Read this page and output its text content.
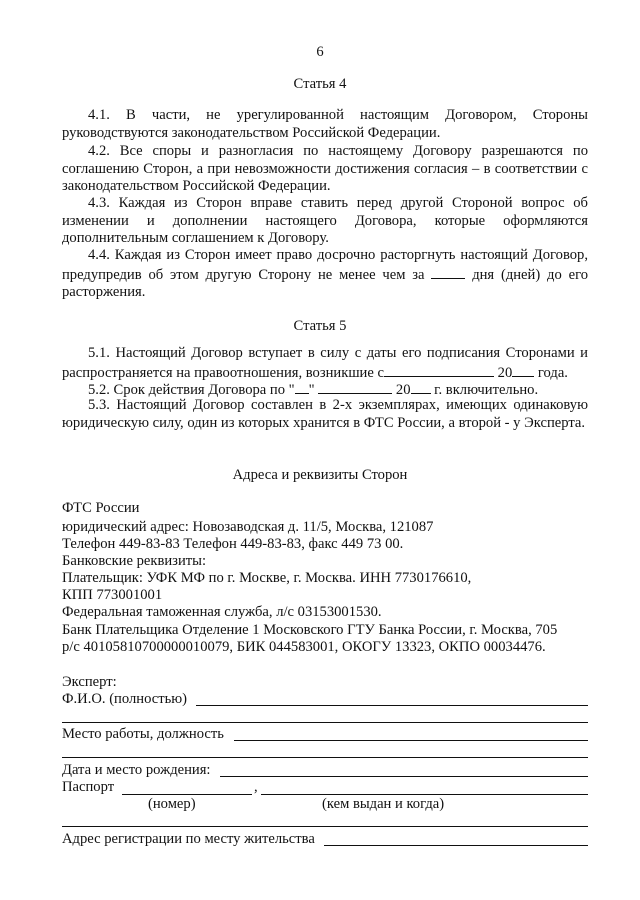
6
Статья 4
4.1. В части, не урегулированной настоящим Договором, Стороны руководствуются законодательством Российской Федерации.
4.2. Все споры и разногласия по настоящему Договору разрешаются по соглашению Сторон, а при невозможности достижения согласия – в соответствии с законодательством Российской Федерации.
4.3. Каждая из Сторон вправе ставить перед другой Стороной вопрос об изменении и дополнении настоящего Договора, которые оформляются дополнительным соглашением к Договору.
4.4. Каждая из Сторон имеет право досрочно расторгнуть настоящий Договор, предупредив об этом другую Сторону не менее чем за	дня (дней) до его расторжения.
Статья 5
5.1. Настоящий Договор вступает в силу с даты его подписания Сторонами и распространяется на правоотношения, возникшие с	20 года.
5.2. Срок действия Договора по " "	20 г. включительно.
5.3. Настоящий Договор составлен в 2-х экземплярах, имеющих одинаковую юридическую силу, один из которых хранится в ФТС России, а второй - у Эксперта.
Адреса и реквизиты Сторон
ФТС России
юридический адрес: Новозаводская д. 11/5, Москва, 121087
Телефон 449-83-83 Телефон 449-83-83, факс 449 73 00.
Банковские реквизиты:
Плательщик: УФК МФ по г. Москве, г. Москва. ИНН 7730176610,
КПП 773001001
Федеральная таможенная служба, л/с 03153001530.
Банк Плательщика Отделение 1 Московского ГТУ Банка России, г. Москва, 705
р/с 40105810700000010079, БИК 044583001, ОКОГУ 13323, ОКПО 00034476.
Эксперт:
Ф.И.О. (полностью)
Место работы, должность
Дата и место рождения:
Паспорт	,
(номер)	(кем выдан и когда)
Адрес регистрации по месту жительства
